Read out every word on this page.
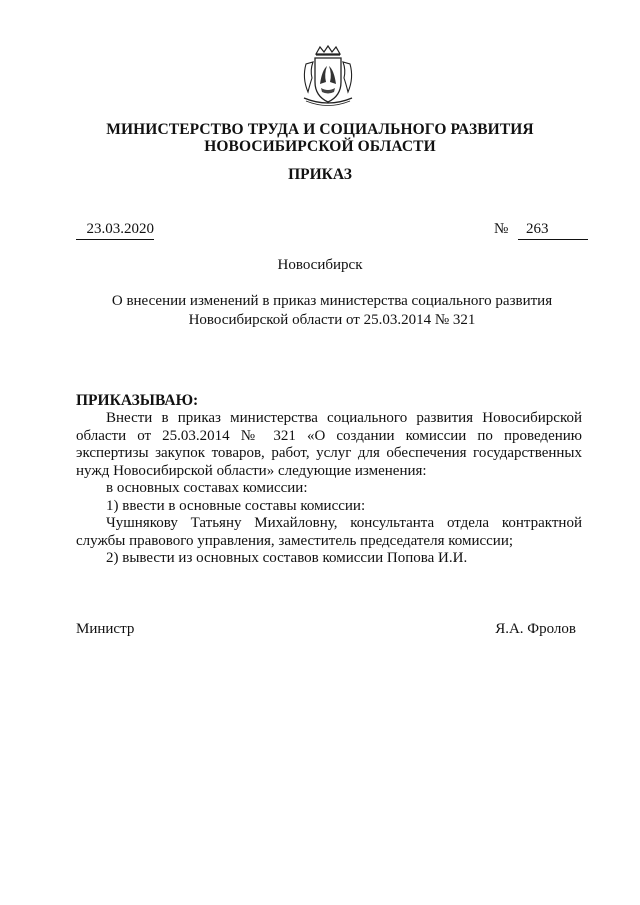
МИНИСТЕРСТВО ТРУДА И СОЦИАЛЬНОГО РАЗВИТИЯ
НОВОСИБИРСКОЙ ОБЛАСТИ
ПРИКАЗ
23.03.2020	№	263
Новосибирск
О внесении изменений в приказ министерства социального развития
Новосибирской области от 25.03.2014 № 321
ПРИКАЗЫВАЮ:

Внести в приказ министерства социального развития Новосибирской области от 25.03.2014 № 321 «О создании комиссии по проведению экспертизы закупок товаров, работ, услуг для обеспечения государственных нужд Новосибирской области» следующие изменения:

в основных составах комиссии:

1) ввести в основные составы комиссии:

Чушнякову Татьяну Михайловну, консультанта отдела контрактной службы правового управления, заместитель председателя комиссии;

2) вывести из основных составов комиссии Попова И.И.

Министр	Я.А. Фролов
